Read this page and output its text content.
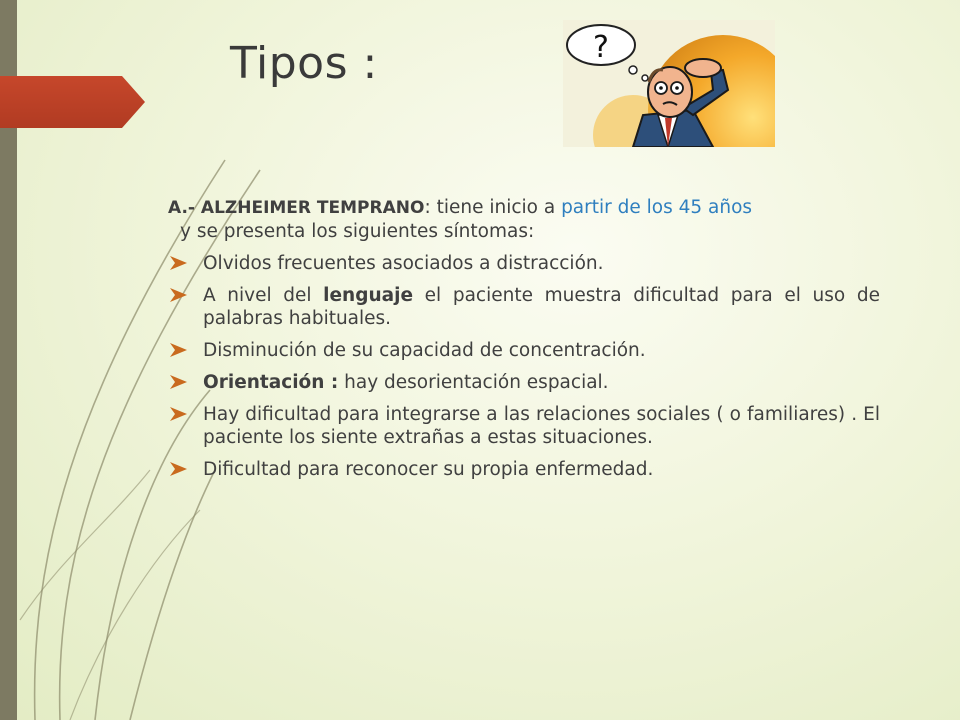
Tipos :	?

A.- ALZHEIMER TEMPRANO: tiene inicio a partir de los 45 años
y se presenta los siguientes síntomas:

Olvidos frecuentes asociados a distracción.
A nivel del lenguaje el paciente muestra dificultad para el uso de palabras habituales.
Disminución de su capacidad de concentración.
Orientación : hay desorientación espacial.
Hay dificultad para integrarse a las relaciones sociales ( o familiares) . El paciente los siente extrañas a estas situaciones.
Dificultad para reconocer su propia enfermedad.
